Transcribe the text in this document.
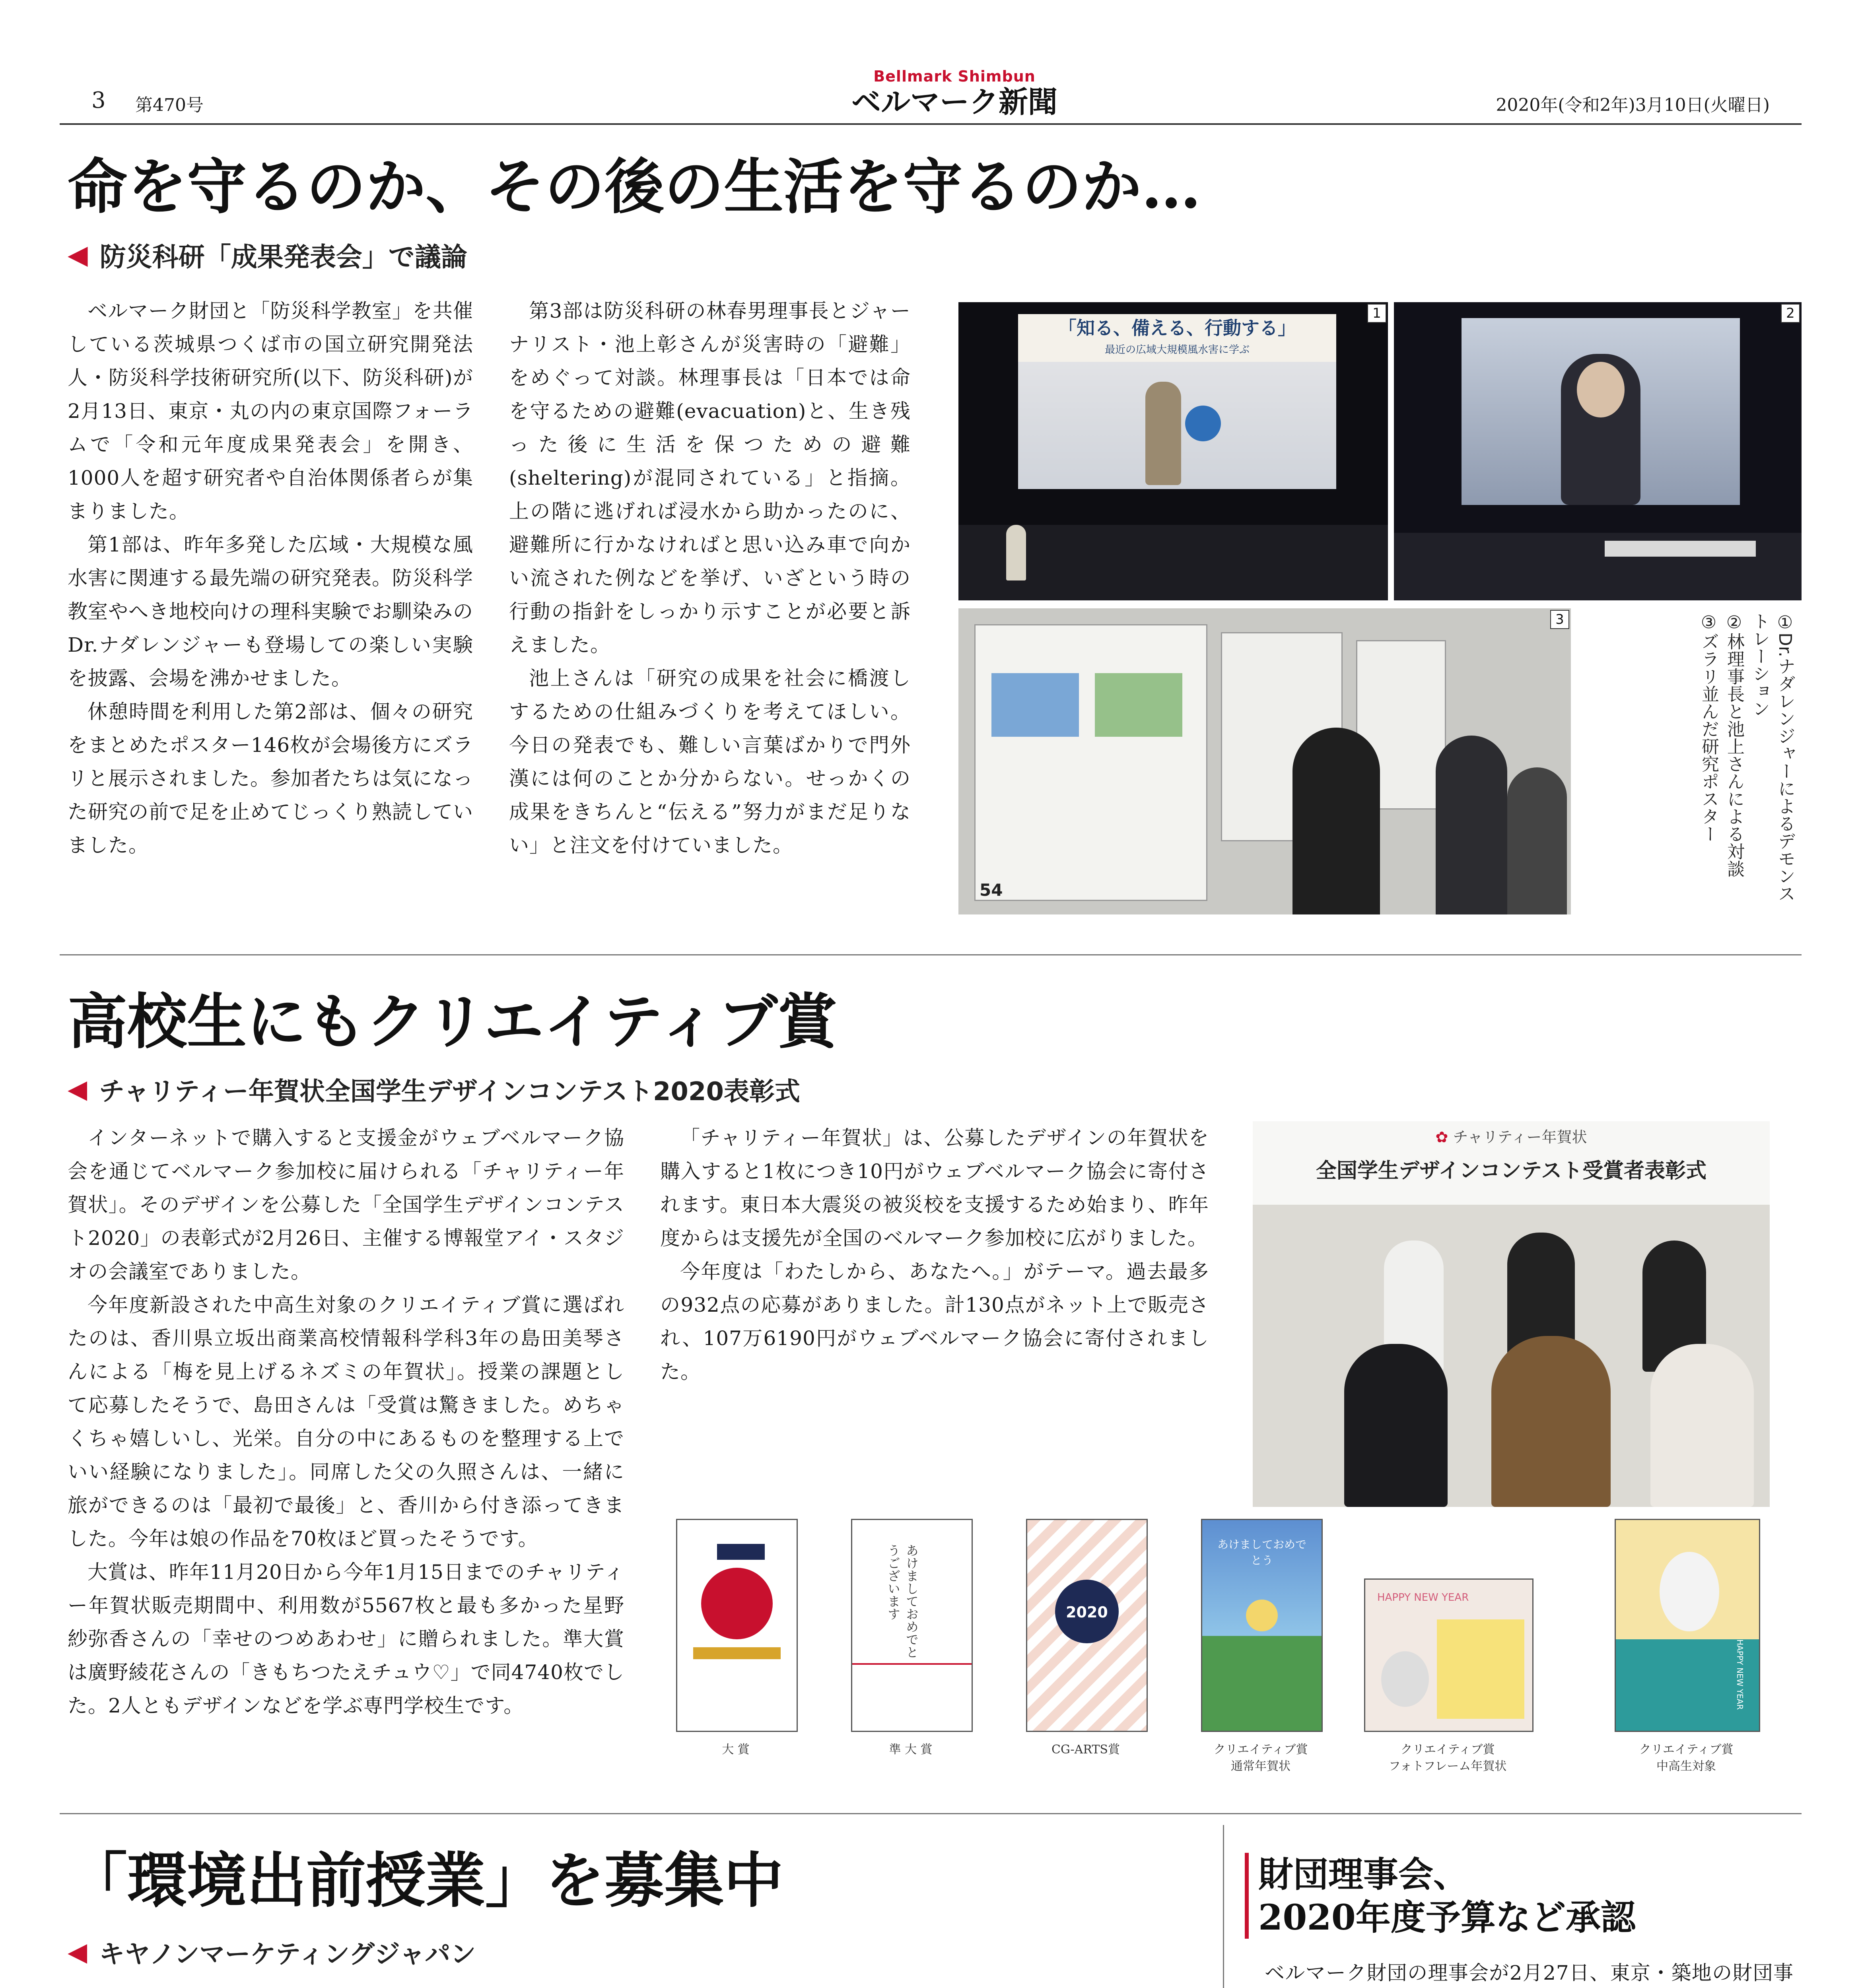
3 第470号
Bellmark Shimbun
ベルマーク新聞	2020年(令和2年)3月10日(火曜日)
命を守るのか、その後の生活を守るのか…
◀ 防災科研「成果発表会」で議論

ベルマーク財団と「防災科学教室」を共催している茨城県つくば市の国立研究開発法人・防災科学技術研究所(以下、防災科研)が2月13日、東京・丸の内の東京国際フォーラムで「令和元年度成果発表会」を開き、1000人を超す研究者や自治体関係者らが集まりました。

第1部は、昨年多発した広域・大規模な風水害に関連する最先端の研究発表。防災科学教室やへき地校向けの理科実験でお馴染みのDr.ナダレンジャーも登場しての楽しい実験を披露、会場を沸かせました。

休憩時間を利用した第2部は、個々の研究をまとめたポスター146枚が会場後方にズラリと展示されました。参加者たちは気になった研究の前で足を止めてじっくり熟読していました。

第3部は防災科研の林春男理事長とジャーナリスト・池上彰さんが災害時の「避難」をめぐって対談。林理事長は「日本では命を守るための避難(evacuation)と、生き残った後に生活を保つための避難(sheltering)が混同されている」と指摘。上の階に逃げれば浸水から助かったのに、避難所に行かなければと思い込み車で向かい流された例などを挙げ、いざという時の行動の指針をしっかり示すことが必要と訴えました。

池上さんは「研究の成果を社会に橋渡しするための仕組みづくりを考えてほしい。今日の発表でも、難しい言葉ばかりで門外漢には何のことか分からない。せっかくの成果をきちんと“伝える”努力がまだ足りない」と注文を付けていました。

「知る、備える、行動する」
最近の広域大規模風水害に学ぶ
1	2
54
3	①Dr.ナダレンジャーによるデモンストレーション
②林理事長と池上さんによる対談
③ズラリ並んだ研究ポスター
高校生にもクリエイティブ賞
◀ チャリティー年賀状全国学生デザインコンテスト2020表彰式

インターネットで購入すると支援金がウェブベルマーク協会を通じてベルマーク参加校に届けられる「チャリティー年賀状」。そのデザインを公募した「全国学生デザインコンテスト2020」の表彰式が2月26日、主催する博報堂アイ・スタジオの会議室でありました。

今年度新設された中高生対象のクリエイティブ賞に選ばれたのは、香川県立坂出商業高校情報科学科3年の島田美琴さんによる「梅を見上げるネズミの年賀状」。授業の課題として応募したそうで、島田さんは「受賞は驚きました。めちゃくちゃ嬉しいし、光栄。自分の中にあるものを整理する上でいい経験になりました」。同席した父の久照さんは、一緒に旅ができるのは「最初で最後」と、香川から付き添ってきました。今年は娘の作品を70枚ほど買ったそうです。

大賞は、昨年11月20日から今年1月15日までのチャリティー年賀状販売期間中、利用数が5567枚と最も多かった星野紗弥香さんの「幸せのつめあわせ」に贈られました。準大賞は廣野綾花さんの「きもちつたえチュウ♡」で同4740枚でした。2人ともデザインなどを学ぶ専門学校生です。

「チャリティー年賀状」は、公募したデザインの年賀状を購入すると1枚につき10円がウェブベルマーク協会に寄付されます。東日本大震災の被災校を支援するため始まり、昨年度からは支援先が全国のベルマーク参加校に広がりました。

今年度は「わたしから、あなたへ。」がテーマ。過去最多の932点の応募がありました。計130点がネット上で販売され、107万6190円がウェブベルマーク協会に寄付されました。

✿ チャリティー年賀状
全国学生デザインコンテスト受賞者表彰式
大 賞
あけましておめでとうございます
準 大 賞
2020
CG-ARTS賞
あけましておめでとう
クリエイティブ賞
通常年賀状
HAPPY NEW YEAR
クリエイティブ賞
フォトフレーム年賀状
HAPPY NEW YEAR
クリエイティブ賞
中高生対象
「環境出前授業」を募集中
◀ キヤノンマーケティングジャパン

財団理事会、
2020年度予算など承認

ベルマーク財団の理事会が2月27日、東京・築地の財団事
